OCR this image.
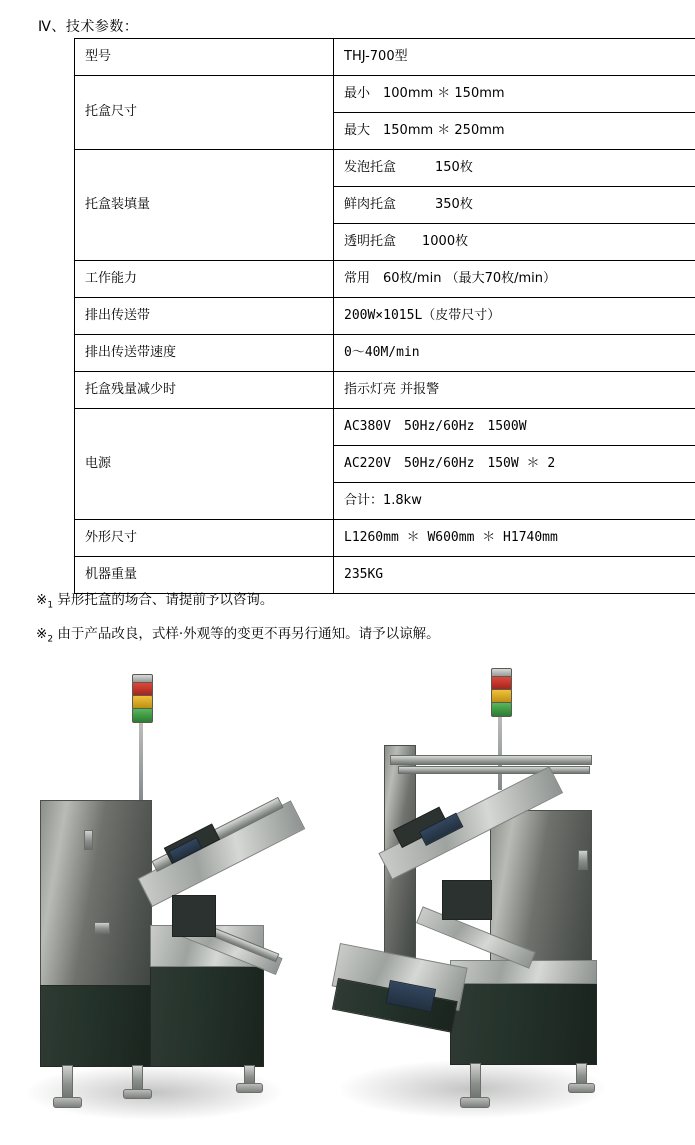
Ⅳ、技术参数：
型号	THJ-700型
托盒尺寸	最小　100mm ＊ 150mm
	最大　150mm ＊ 250mm
托盒装填量	发泡托盒　　　150枚
	鲜肉托盒　　　350枚
	透明托盒　　1000枚
工作能力	常用　60枚/min （最大70枚/min）
排出传送带	200W×1015L（皮带尺寸）
排出传送带速度	0～40M/min
托盒残量减少时	指示灯亮 并报警
电源	AC380V　50Hz/60Hz　1500W
	AC220V　50Hz/60Hz　150W ＊ 2
	合计：1.8kw
外形尺寸	L1260mm ＊ W600mm ＊ H1740mm
机器重量	235KG
$※_1$ 异形托盒的场合、请提前予以咨询。
$※_2$ 由于产品改良，式样·外观等的变更不再另行通知。请予以谅解。
